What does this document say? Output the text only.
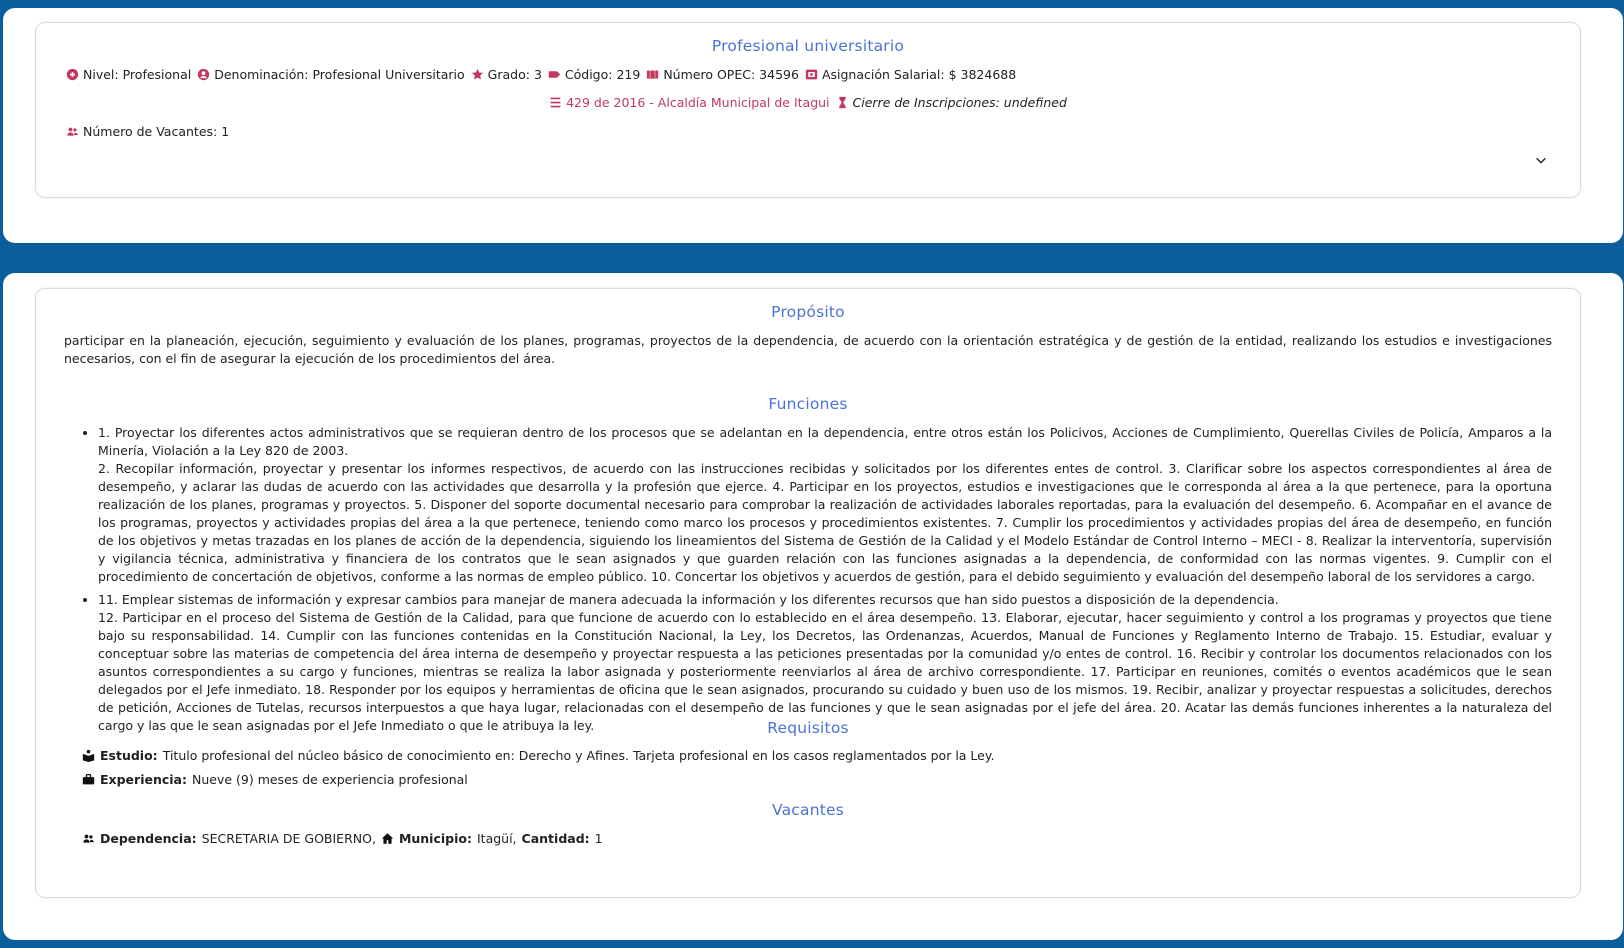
Profesional universitario
Nivel: Profesional Denominación: Profesional Universitario Grado: 3 Código: 219 Número OPEC: 34596 Asignación Salarial: $ 3824688
429 de 2016 - Alcaldía Municipal de Itagui Cierre de Inscripciones: undefined
Número de Vacantes: 1
Propósito

participar en la planeación, ejecución, seguimiento y evaluación de los planes, programas, proyectos de la dependencia, de acuerdo con la orientación estratégica y de gestión de la entidad, realizando los estudios e investigaciones necesarios, con el fin de asegurar la ejecución de los procedimientos del área.

Funciones
• 1. Proyectar los diferentes actos administrativos que se requieran dentro de los procesos que se adelantan en la dependencia, entre otros están los Policivos, Acciones de Cumplimiento, Querellas Civiles de Policía, Amparos a la Minería, Violación a la Ley 820 de 2003.
2. Recopilar información, proyectar y presentar los informes respectivos, de acuerdo con las instrucciones recibidas y solicitados por los diferentes entes de control. 3. Clarificar sobre los aspectos correspondientes al área de desempeño, y aclarar las dudas de acuerdo con las actividades que desarrolla y la profesión que ejerce. 4. Participar en los proyectos, estudios e investigaciones que le corresponda al área a la que pertenece, para la oportuna realización de los planes, programas y proyectos. 5. Disponer del soporte documental necesario para comprobar la realización de actividades laborales reportadas, para la evaluación del desempeño. 6. Acompañar en el avance de los programas, proyectos y actividades propias del área a la que pertenece, teniendo como marco los procesos y procedimientos existentes. 7. Cumplir los procedimientos y actividades propias del área de desempeño, en función de los objetivos y metas trazadas en los planes de acción de la dependencia, siguiendo los lineamientos del Sistema de Gestión de la Calidad y el Modelo Estándar de Control Interno – MECI - 8. Realizar la interventoría, supervisión y vigilancia técnica, administrativa y financiera de los contratos que le sean asignados y que guarden relación con las funciones asignadas a la dependencia, de conformidad con las normas vigentes. 9. Cumplir con el procedimiento de concertación de objetivos, conforme a las normas de empleo público. 10. Concertar los objetivos y acuerdos de gestión, para el debido seguimiento y evaluación del desempeño laboral de los servidores a cargo.
• 11. Emplear sistemas de información y expresar cambios para manejar de manera adecuada la información y los diferentes recursos que han sido puestos a disposición de la dependencia.
12. Participar en el proceso del Sistema de Gestión de la Calidad, para que funcione de acuerdo con lo establecido en el área desempeño. 13. Elaborar, ejecutar, hacer seguimiento y control a los programas y proyectos que tiene bajo su responsabilidad. 14. Cumplir con las funciones contenidas en la Constitución Nacional, la Ley, los Decretos, las Ordenanzas, Acuerdos, Manual de Funciones y Reglamento Interno de Trabajo. 15. Estudiar, evaluar y conceptuar sobre las materias de competencia del área interna de desempeño y proyectar respuesta a las peticiones presentadas por la comunidad y/o entes de control. 16. Recibir y controlar los documentos relacionados con los asuntos correspondientes a su cargo y funciones, mientras se realiza la labor asignada y posteriormente reenviarlos al área de archivo correspondiente. 17. Participar en reuniones, comités o eventos académicos que le sean delegados por el Jefe inmediato. 18. Responder por los equipos y herramientas de oficina que le sean asignados, procurando su cuidado y buen uso de los mismos. 19. Recibir, analizar y proyectar respuestas a solicitudes, derechos de petición, Acciones de Tutelas, recursos interpuestos a que haya lugar, relacionadas con el desempeño de las funciones y que le sean asignadas por el jefe del área. 20. Acatar las demás funciones inherentes a la naturaleza del cargo y las que le sean asignadas por el Jefe Inmediato o que le atribuya la ley.	Requisitos
Estudio: Titulo profesional del núcleo básico de conocimiento en: Derecho y Afines. Tarjeta profesional en los casos reglamentados por la Ley.
Experiencia: Nueve (9) meses de experiencia profesional
Vacantes
Dependencia: SECRETARIA DE GOBIERNO, Municipio: Itagüí, Cantidad: 1
